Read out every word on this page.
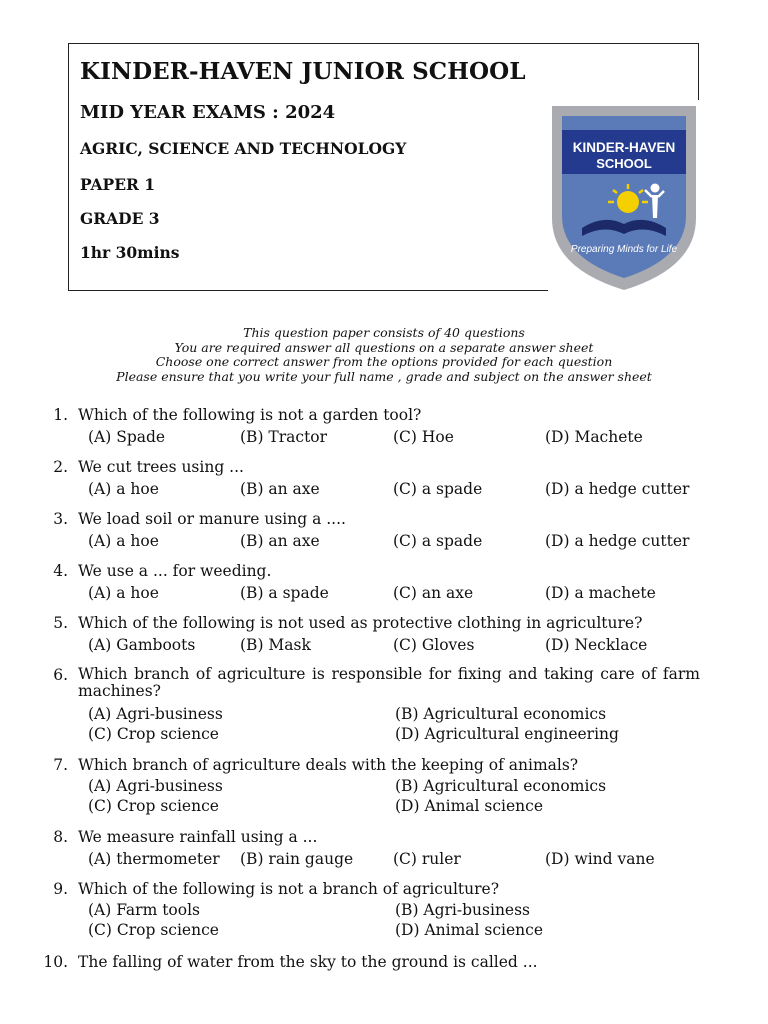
KINDER-HAVEN JUNIOR SCHOOL
MID YEAR EXAMS : 2024
AGRIC, SCIENCE AND TECHNOLOGY
PAPER 1
GRADE 3
1hr 30mins
KINDER-HAVEN
SCHOOL
Preparing Minds for Life
This question paper consists of 40 questions
You are required answer all questions on a separate answer sheet
Choose one correct answer from the options provided for each question
Please ensure that you write your full name , grade and subject on the answer sheet
1. Which of the following is not a garden tool?
(A) Spade	(B) Tractor	(C) Hoe	(D) Machete
2. We cut trees using ...
(A) a hoe	(B) an axe	(C) a spade	(D) a hedge cutter
3. We load soil or manure using a ....
(A) a hoe	(B) an axe	(C) a spade	(D) a hedge cutter
4. We use a ... for weeding.
(A) a hoe	(B) a spade	(C) an axe	(D) a machete
5. Which of the following is not used as protective clothing in agriculture?
(A) Gamboots	(B) Mask	(C) Gloves	(D) Necklace
6. Which branch of agriculture is responsible for fixing and taking care of farm machines?
(A) Agri-business	(B) Agricultural economics
(C) Crop science	(D) Agricultural engineering
7. Which branch of agriculture deals with the keeping of animals?
(A) Agri-business	(B) Agricultural economics
(C) Crop science	(D) Animal science
8. We measure rainfall using a ...
(A) thermometer (B) rain gauge	(C) ruler	(D) wind vane
9. Which of the following is not a branch of agriculture?
(A) Farm tools	(B) Agri-business
(C) Crop science	(D) Animal science
10. The falling of water from the sky to the ground is called ...
